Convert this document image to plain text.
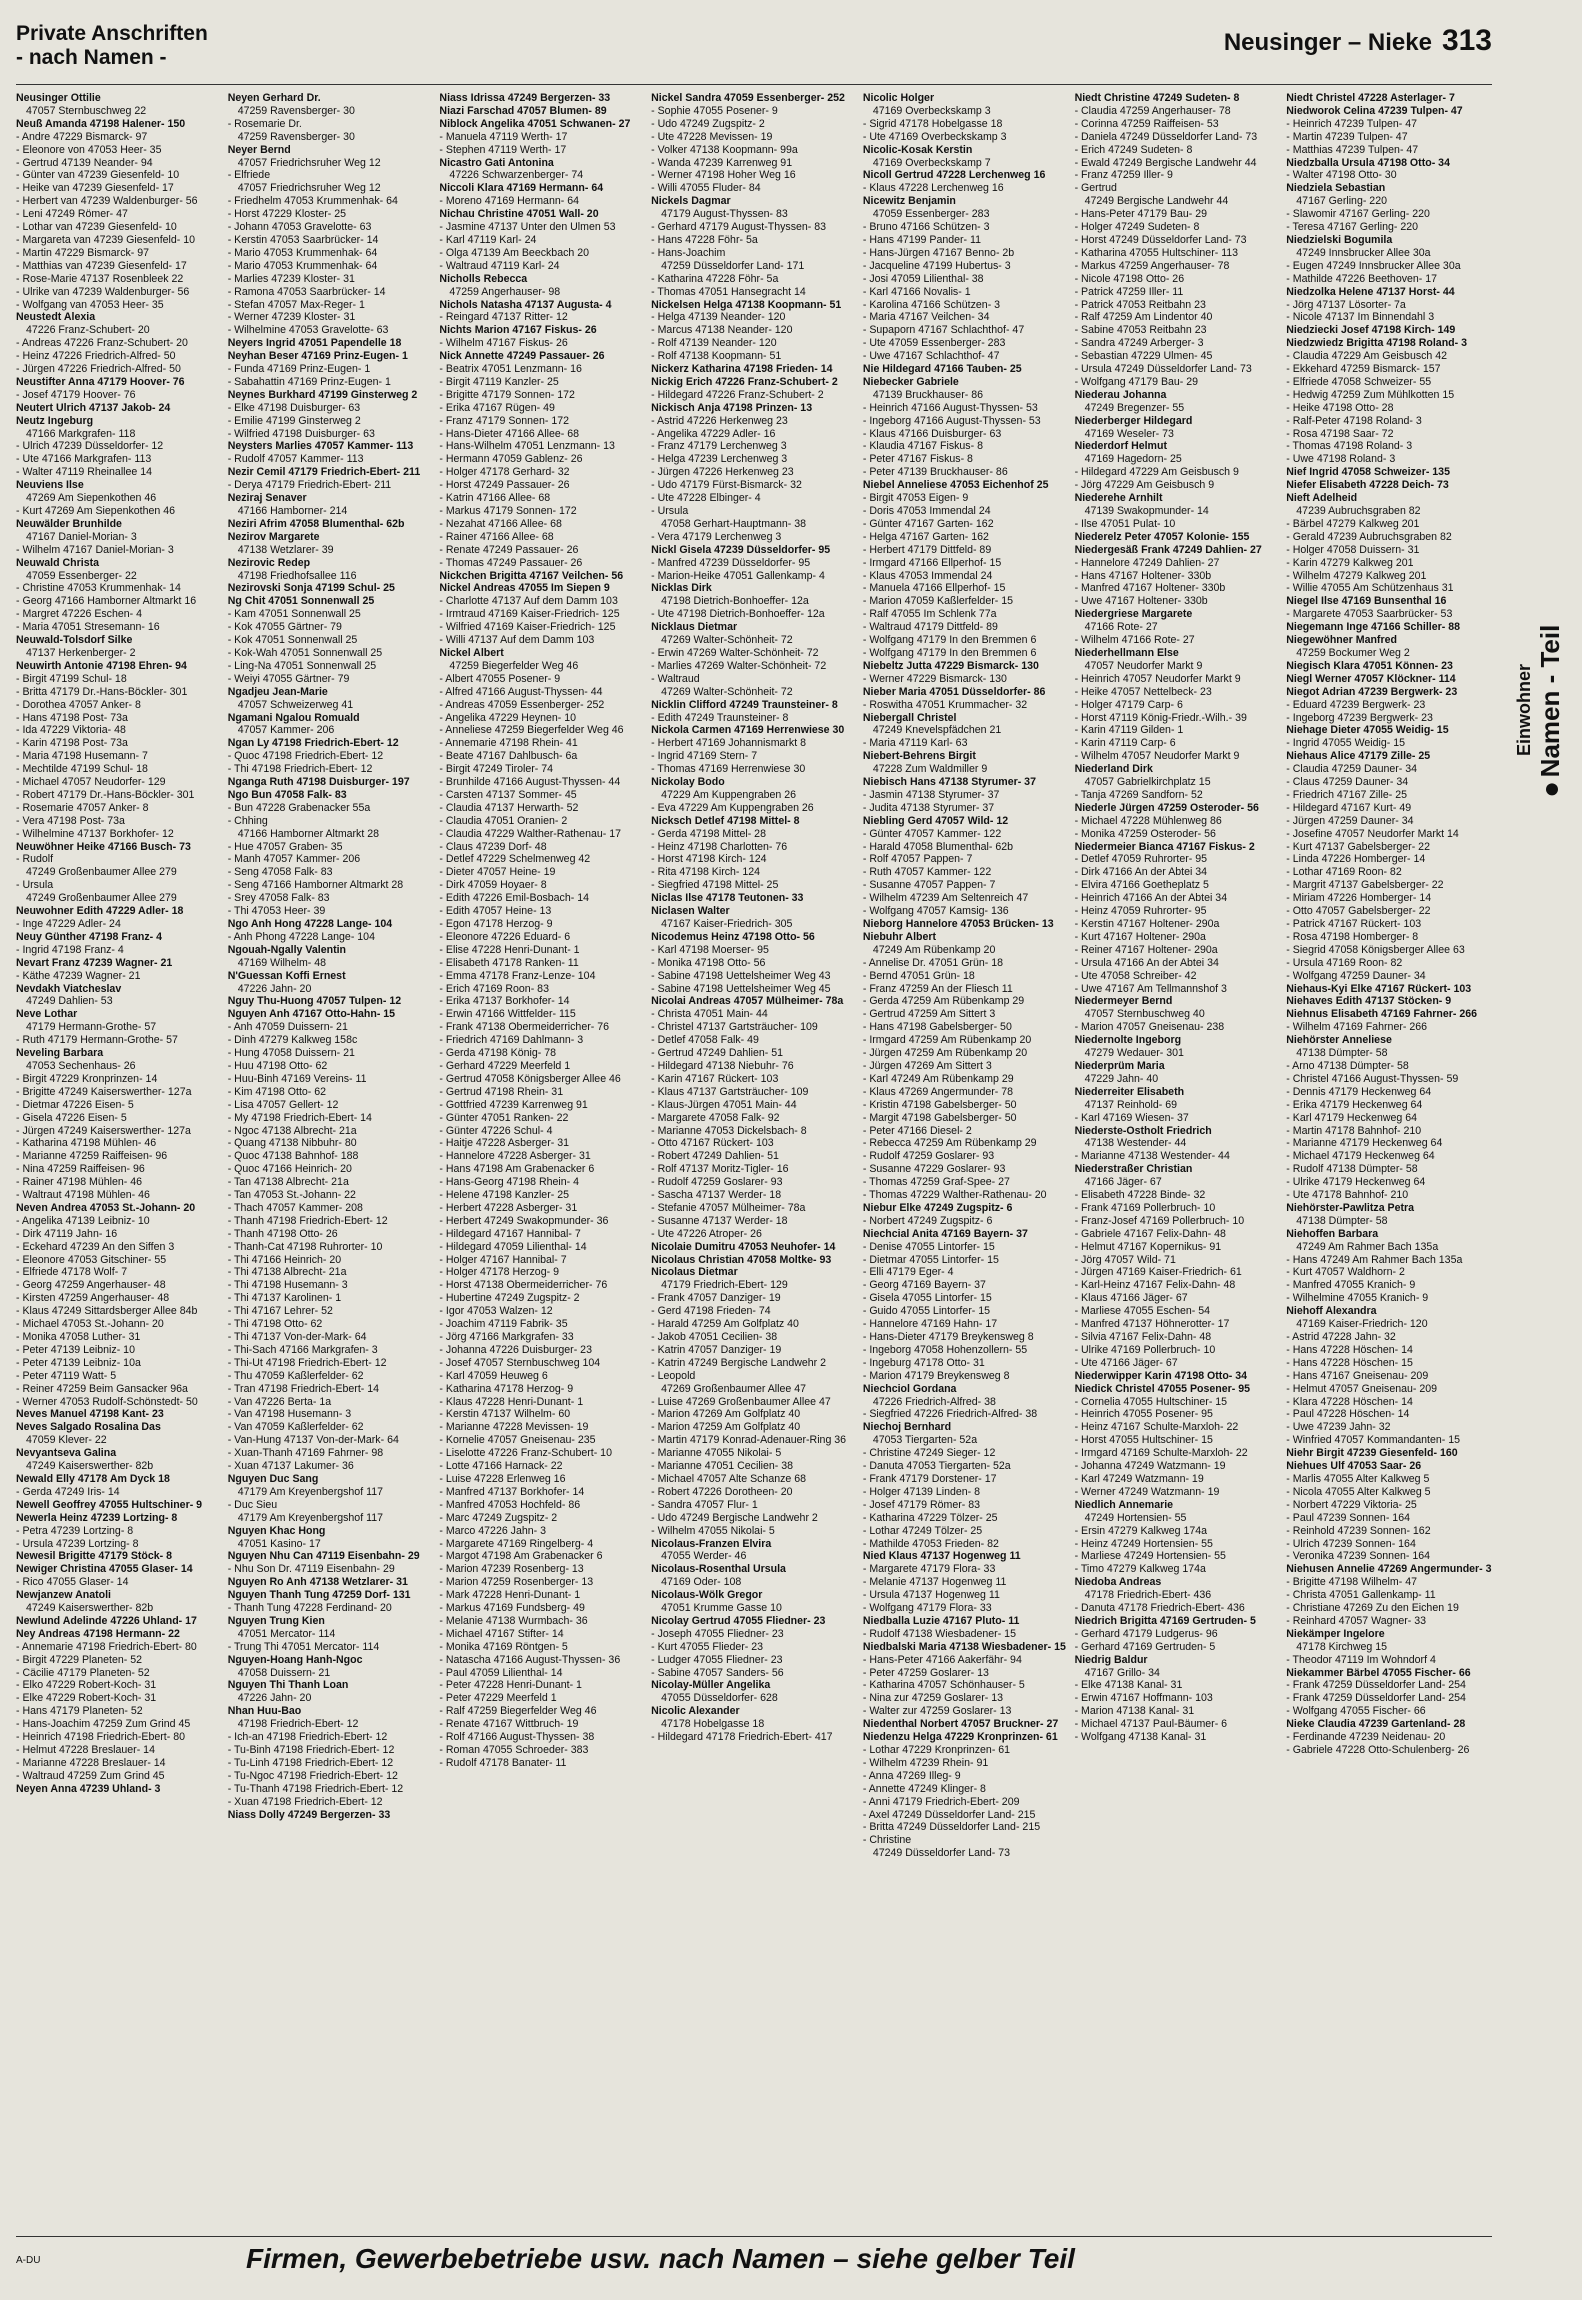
Private Anschriften
- nach Namen -
Neusinger – Nieke 313
Neusinger Ottilie
47057 Sternbuschweg 22
Neuß Amanda 47198 Halener- 150
- Andre 47229 Bismarck- 97
- Eleonore von 47053 Heer- 35
- Gertrud 47139 Neander- 94
- Günter van 47239 Giesenfeld- 10
- Heike van 47239 Giesenfeld- 17
- Herbert van 47239 Waldenburger- 56
- Leni 47249 Römer- 47
- Lothar van 47239 Giesenfeld- 10
- Margareta van 47239 Giesenfeld- 10
- Martin 47229 Bismarck- 97
- Matthias van 47239 Giesenfeld- 17
- Rose-Marie 47137 Rosenbleek 22
- Ulrike van 47239 Waldenburger- 56
- Wolfgang van 47053 Heer- 35
Neustedt Alexia
47226 Franz-Schubert- 20
- Andreas 47226 Franz-Schubert- 20
- Heinz 47226 Friedrich-Alfred- 50
- Jürgen 47226 Friedrich-Alfred- 50
Neustifter Anna 47179 Hoover- 76
- Josef 47179 Hoover- 76
Neutert Ulrich 47137 Jakob- 24
Neutz Ingeburg
47166 Markgrafen- 118
- Ulrich 47239 Düsseldorfer- 12
- Ute 47166 Markgrafen- 113
- Walter 47119 Rheinallee 14
Neuviens Ilse
47269 Am Siepenkothen 46
- Kurt 47269 Am Siepenkothen 46
Neuwälder Brunhilde
47167 Daniel-Morian- 3
- Wilhelm 47167 Daniel-Morian- 3
Neuwald Christa
47059 Essenberger- 22
- Christine 47053 Krummenhak- 14
- Georg 47166 Hamborner Altmarkt 16
- Margret 47226 Eschen- 4
- Maria 47051 Stresemann- 16
Neuwald-Tolsdorf Silke
47137 Herkenberger- 2
Neuwirth Antonie 47198 Ehren- 94
- Birgit 47199 Schul- 18
- Britta 47179 Dr.-Hans-Böckler- 301
- Dorothea 47057 Anker- 8
- Hans 47198 Post- 73a
- Ida 47229 Viktoria- 48
- Karin 47198 Post- 73a
- Maria 47198 Husemann- 7
- Mechtilde 47199 Schul- 18
- Michael 47057 Neudorfer- 129
- Robert 47179 Dr.-Hans-Böckler- 301
- Rosemarie 47057 Anker- 8
- Vera 47198 Post- 73a
- Wilhelmine 47137 Borkhofer- 12
Neuwöhner Heike 47166 Busch- 73
- Rudolf
47249 Großenbaumer Allee 279
- Ursula
47249 Großenbaumer Allee 279
Neuwohner Edith 47229 Adler- 18
- Inge 47229 Adler- 24
Neuy Günther 47198 Franz- 4
- Ingrid 47198 Franz- 4
Nevart Franz 47239 Wagner- 21
- Käthe 47239 Wagner- 21
Nevdakh Viatcheslav
47249 Dahlien- 53
Neve Lothar
47179 Hermann-Grothe- 57
- Ruth 47179 Hermann-Grothe- 57
Neveling Barbara
47053 Sechenhaus- 26
- Birgit 47229 Kronprinzen- 14
- Brigitte 47249 Kaiserswerther- 127a
- Dietmar 47226 Eisen- 5
- Gisela 47226 Eisen- 5
- Jürgen 47249 Kaiserswerther- 127a
- Katharina 47198 Mühlen- 46
- Marianne 47259 Raiffeisen- 96
- Nina 47259 Raiffeisen- 96
- Rainer 47198 Mühlen- 46
- Waltraut 47198 Mühlen- 46
Neven Andrea 47053 St.-Johann- 20
- Angelika 47139 Leibniz- 10
- Dirk 47119 Jahn- 16
- Eckehard 47239 An den Siffen 3
- Eleonore 47053 Gitschiner- 55
- Elfriede 47178 Wolf- 7
- Georg 47259 Angerhauser- 48
- Kirsten 47259 Angerhauser- 48
- Klaus 47249 Sittardsberger Allee 84b
- Michael 47053 St.-Johann- 20
- Monika 47058 Luther- 31
- Peter 47139 Leibniz- 10
- Peter 47139 Leibniz- 10a
- Peter 47119 Watt- 5
- Reiner 47259 Beim Gansacker 96a
- Werner 47053 Rudolf-Schönstedt- 50
Neves Manuel 47198 Kant- 23
Neves Salgado Rosalina Das
47059 Klever- 22
Nevyantseva Galina
47249 Kaiserswerther- 82b
Newald Elly 47178 Am Dyck 18
- Gerda 47249 Iris- 14
Newell Geoffrey 47055 Hultschiner- 9
Newerla Heinz 47239 Lortzing- 8
- Petra 47239 Lortzing- 8
- Ursula 47239 Lortzing- 8
Newesil Brigitte 47179 Stöck- 8
Newiger Christina 47055 Glaser- 14
- Rico 47055 Glaser- 14
Newjanzew Anatoli
47249 Kaiserswerther- 82b
Newlund Adelinde 47226 Uhland- 17
Ney Andreas 47198 Hermann- 22
- Annemarie 47198 Friedrich-Ebert- 80
- Birgit 47229 Planeten- 52
- Cäcilie 47179 Planeten- 52
- Elko 47229 Robert-Koch- 31
- Elke 47229 Robert-Koch- 31
- Hans 47179 Planeten- 52
- Hans-Joachim 47259 Zum Grind 45
- Heinrich 47198 Friedrich-Ebert- 80
- Helmut 47228 Breslauer- 14
- Marianne 47228 Breslauer- 14
- Waltraud 47259 Zum Grind 45
Neyen Anna 47239 Uhland- 3
Neyen Gerhard Dr.
47259 Ravensberger- 30
- Rosemarie Dr.
47259 Ravensberger- 30
Neyer Bernd
47057 Friedrichsruher Weg 12
- Elfriede
47057 Friedrichsruher Weg 12
- Friedhelm 47053 Krummenhak- 64
- Horst 47229 Kloster- 25
- Johann 47053 Gravelotte- 63
- Kerstin 47053 Saarbrücker- 14
- Mario 47053 Krummenhak- 64
- Mario 47053 Krummenhak- 64
- Marlies 47239 Kloster- 31
- Ramona 47053 Saarbrücker- 14
- Stefan 47057 Max-Reger- 1
- Werner 47239 Kloster- 31
- Wilhelmine 47053 Gravelotte- 63
Neyers Ingrid 47051 Papendelle 18
Neyhan Beser 47169 Prinz-Eugen- 1
- Funda 47169 Prinz-Eugen- 1
- Sabahattin 47169 Prinz-Eugen- 1
Neynes Burkhard 47199 Ginsterweg 2
- Elke 47198 Duisburger- 63
- Emilie 47199 Ginsterweg 2
- Wilfried 47198 Duisburger- 63
Neysters Marlies 47057 Kammer- 113
- Rudolf 47057 Kammer- 113
Nezir Cemil 47179 Friedrich-Ebert- 211
- Derya 47179 Friedrich-Ebert- 211
Neziraj Senaver
47166 Hamborner- 214
Neziri Afrim 47058 Blumenthal- 62b
Nezirov Margarete
47138 Wetzlarer- 39
Nezirovic Redep
47198 Friedhofsallee 116
Nezirovski Sonja 47199 Schul- 25
Ng Chit 47051 Sonnenwall 25
- Kam 47051 Sonnenwall 25
- Kok 47055 Gärtner- 79
- Kok 47051 Sonnenwall 25
- Kok-Wah 47051 Sonnenwall 25
- Ling-Na 47051 Sonnenwall 25
- Weiyi 47055 Gärtner- 79
Ngadjeu Jean-Marie
47057 Schweizerweg 41
Ngamani Ngalou Romuald
47057 Kammer- 206
Ngan Ly 47198 Friedrich-Ebert- 12
- Quoc 47198 Friedrich-Ebert- 12
- Thi 47198 Friedrich-Ebert- 12
Nganga Ruth 47198 Duisburger- 197
Ngo Bun 47058 Falk- 83
- Bun 47228 Grabenacker 55a
- Chhing
47166 Hamborner Altmarkt 28
- Hue 47057 Graben- 35
- Manh 47057 Kammer- 206
- Seng 47058 Falk- 83
- Seng 47166 Hamborner Altmarkt 28
- Srey 47058 Falk- 83
- Thi 47053 Heer- 39
Ngo Anh Hong 47228 Lange- 104
- Anh Phong 47228 Lange- 104
Ngouah-Ngally Valentin
47169 Wilhelm- 48
N'Guessan Koffi Ernest
47226 Jahn- 20
Nguy Thu-Huong 47057 Tulpen- 12
Nguyen Anh 47167 Otto-Hahn- 15
- Anh 47059 Duissern- 21
- Dinh 47279 Kalkweg 158c
- Hung 47058 Duissern- 21
- Huu 47198 Otto- 62
- Huu-Binh 47169 Vereins- 11
- Kim 47198 Otto- 62
- Lisa 47057 Gellert- 12
- My 47198 Friedrich-Ebert- 14
- Ngoc 47138 Albrecht- 21a
- Quang 47138 Nibbuhr- 80
- Quoc 47138 Bahnhof- 188
- Quoc 47166 Heinrich- 20
- Tan 47138 Albrecht- 21a
- Tan 47053 St.-Johann- 22
- Thach 47057 Kammer- 208
- Thanh 47198 Friedrich-Ebert- 12
- Thanh 47198 Otto- 26
- Thanh-Cat 47198 Ruhrorter- 10
- Thi 47166 Heinrich- 20
- Thi 47138 Albrecht- 21a
- Thi 47198 Husemann- 3
- Thi 47137 Karolinen- 1
- Thi 47167 Lehrer- 52
- Thi 47198 Otto- 62
- Thi 47137 Von-der-Mark- 64
- Thi-Sach 47166 Markgrafen- 3
- Thi-Ut 47198 Friedrich-Ebert- 12
- Thu 47059 Kaßlerfelder- 62
- Tran 47198 Friedrich-Ebert- 14
- Van 47226 Berta- 1a
- Van 47198 Husemann- 3
- Van 47059 Kaßlerfelder- 62
- Van-Hung 47137 Von-der-Mark- 64
- Xuan-Thanh 47169 Fahrner- 98
- Xuan 47137 Lakumer- 36
Nguyen Duc Sang
47179 Am Kreyenbergshof 117
- Duc Sieu
47179 Am Kreyenbergshof 117
Nguyen Khac Hong
47051 Kasino- 17
Nguyen Nhu Can 47119 Eisenbahn- 29
- Nhu Son Dr. 47119 Eisenbahn- 29
Nguyen Ro Anh 47138 Wetzlarer- 31
Nguyen Thanh Tung 47259 Dorf- 131
- Thanh Tung 47228 Ferdinand- 20
Nguyen Trung Kien
47051 Mercator- 114
- Trung Thi 47051 Mercator- 114
Nguyen-Hoang Hanh-Ngoc
47058 Duissern- 21
Nguyen Thi Thanh Loan
47226 Jahn- 20
Nhan Huu-Bao
47198 Friedrich-Ebert- 12
- Ich-an 47198 Friedrich-Ebert- 12
- Tu-Binh 47198 Friedrich-Ebert- 12
- Tu-Linh 47198 Friedrich-Ebert- 12
- Tu-Ngoc 47198 Friedrich-Ebert- 12
- Tu-Thanh 47198 Friedrich-Ebert- 12
- Xuan 47198 Friedrich-Ebert- 12
Niass Dolly 47249 Bergerzen- 33
Niass Idrissa 47249 Bergerzen- 33
Niazi Farschad 47057 Blumen- 89
Niblock Angelika 47051 Schwanen- 27
- Manuela 47119 Werth- 17
- Stephen 47119 Werth- 17
Nicastro Gati Antonina
47226 Schwarzenberger- 74
Niccoli Klara 47169 Hermann- 64
- Moreno 47169 Hermann- 64
Nichau Christine 47051 Wall- 20
- Jasmine 47137 Unter den Ulmen 53
- Karl 47119 Karl- 24
- Olga 47139 Am Beeckbach 20
- Waltraud 47119 Karl- 24
Nicholls Rebecca
47259 Angerhauser- 98
Nichols Natasha 47137 Augusta- 4
- Reingard 47137 Ritter- 12
Nichts Marion 47167 Fiskus- 26
- Wilhelm 47167 Fiskus- 26
Nick Annette 47249 Passauer- 26
- Beatrix 47051 Lenzmann- 16
- Birgit 47119 Kanzler- 25
- Brigitte 47179 Sonnen- 172
- Erika 47167 Rügen- 49
- Franz 47179 Sonnen- 172
- Hans-Dieter 47166 Allee- 68
- Hans-Wilhelm 47051 Lenzmann- 13
- Hermann 47059 Gablenz- 26
- Holger 47178 Gerhard- 32
- Horst 47249 Passauer- 26
- Katrin 47166 Allee- 68
- Markus 47179 Sonnen- 172
- Nezahat 47166 Allee- 68
- Rainer 47166 Allee- 68
- Renate 47249 Passauer- 26
- Thomas 47249 Passauer- 26
Nickchen Brigitta 47167 Veilchen- 56
Nickel Andreas 47055 Im Siepen 9
- Charlotte 47137 Auf dem Damm 103
- Irmtraud 47169 Kaiser-Friedrich- 125
- Wilfried 47169 Kaiser-Friedrich- 125
- Willi 47137 Auf dem Damm 103
Nickel Albert
47259 Biegerfelder Weg 46
- Albert 47055 Posener- 9
- Alfred 47166 August-Thyssen- 44
- Andreas 47059 Essenberger- 252
- Angelika 47229 Heynen- 10
- Anneliese 47259 Biegerfelder Weg 46
- Annemarie 47198 Rhein- 41
- Beate 47167 Dahlbusch- 6a
- Birgit 47249 Tiroler- 74
- Brunhilde 47166 August-Thyssen- 44
- Carsten 47137 Sommer- 45
- Claudia 47137 Herwarth- 52
- Claudia 47051 Oranien- 2
- Claudia 47229 Walther-Rathenau- 17
- Claus 47239 Dorf- 48
- Detlef 47229 Schelmenweg 42
- Dieter 47057 Heine- 19
- Dirk 47059 Hoyaer- 8
- Edith 47226 Emil-Bosbach- 14
- Edith 47057 Heine- 13
- Egon 47178 Herzog- 9
- Eleonore 47226 Eduard- 6
- Elise 47228 Henri-Dunant- 1
- Elisabeth 47178 Ranken- 11
- Emma 47178 Franz-Lenze- 104
- Erich 47169 Roon- 83
- Erika 47137 Borkhofer- 14
- Erwin 47166 Wittfelder- 115
- Frank 47138 Obermeiderricher- 76
- Friedrich 47169 Dahlmann- 3
- Gerda 47198 König- 78
- Gerhard 47229 Meerfeld 1
- Gertrud 47058 Königsberger Allee 46
- Gertrud 47198 Rhein- 31
- Gottfried 47239 Karrenweg 91
- Günter 47051 Ranken- 22
- Günter 47226 Schul- 4
- Haitje 47228 Asberger- 31
- Hannelore 47228 Asberger- 31
- Hans 47198 Am Grabenacker 6
- Hans-Georg 47198 Rhein- 4
- Helene 47198 Kanzler- 25
- Herbert 47228 Asberger- 31
- Herbert 47249 Swakopmunder- 36
- Hildegard 47167 Hannibal- 7
- Hildegard 47059 Lilienthal- 14
- Holger 47167 Hannibal- 7
- Holger 47178 Herzog- 9
- Horst 47138 Obermeiderricher- 76
- Hubertine 47249 Zugspitz- 2
- Igor 47053 Walzen- 12
- Joachim 47119 Fabrik- 35
- Jörg 47166 Markgrafen- 33
- Johanna 47226 Duisburger- 23
- Josef 47057 Sternbuschweg 104
- Karl 47059 Heuweg 6
- Katharina 47178 Herzog- 9
- Klaus 47228 Henri-Dunant- 1
- Kerstin 47137 Wilhelm- 60
- Marianne 47228 Mevissen- 19
- Kornelie 47057 Gneisenau- 235
- Liselotte 47226 Franz-Schubert- 10
- Lotte 47166 Harnack- 22
- Luise 47228 Erlenweg 16
- Manfred 47137 Borkhofer- 14
- Manfred 47053 Hochfeld- 86
- Marc 47249 Zugspitz- 2
- Marco 47226 Jahn- 3
- Margarete 47169 Ringelberg- 4
- Margot 47198 Am Grabenacker 6
- Marion 47239 Rosenberg- 13
- Marion 47259 Rosenberger- 13
- Mark 47228 Henri-Dunant- 1
- Markus 47169 Fundsberg- 49
- Melanie 47138 Wurmbach- 36
- Michael 47167 Stifter- 14
- Monika 47169 Röntgen- 5
- Natascha 47166 August-Thyssen- 36
- Paul 47059 Lilienthal- 14
- Peter 47228 Henri-Dunant- 1
- Peter 47229 Meerfeld 1
- Ralf 47259 Biegerfelder Weg 46
- Renate 47167 Wittbruch- 19
- Rolf 47166 August-Thyssen- 38
- Roman 47055 Schroeder- 383
- Rudolf 47178 Banater- 11
Nickel Sandra 47059 Essenberger- 252
- Sophie 47055 Posener- 9
- Udo 47249 Zugspitz- 2
- Ute 47228 Mevissen- 19
- Volker 47138 Koopmann- 99a
- Wanda 47239 Karrenweg 91
- Werner 47198 Hoher Weg 16
- Willi 47055 Fluder- 84
Nickels Dagmar
47179 August-Thyssen- 83
- Gerhard 47179 August-Thyssen- 83
- Hans 47228 Föhr- 5a
- Hans-Joachim
47259 Düsseldorfer Land- 171
- Katharina 47228 Föhr- 5a
- Thomas 47051 Hansegracht 14
Nickelsen Helga 47138 Koopmann- 51
- Helga 47139 Neander- 120
- Marcus 47138 Neander- 120
- Rolf 47139 Neander- 120
- Rolf 47138 Koopmann- 51
Nickerz Katharina 47198 Frieden- 14
Nickig Erich 47226 Franz-Schubert- 2
- Hildegard 47226 Franz-Schubert- 2
Nickisch Anja 47198 Prinzen- 13
- Astrid 47226 Herkenweg 23
- Angelika 47229 Adler- 16
- Franz 47179 Lerchenweg 3
- Helga 47239 Lerchenweg 3
- Jürgen 47226 Herkenweg 23
- Udo 47179 Fürst-Bismarck- 32
- Ute 47228 Elbinger- 4
- Ursula
47058 Gerhart-Hauptmann- 38
- Vera 47179 Lerchenweg 3
Nickl Gisela 47239 Düsseldorfer- 95
- Manfred 47239 Düsseldorfer- 95
- Marion-Heike 47051 Gallenkamp- 4
Nicklas Dirk
47198 Dietrich-Bonhoeffer- 12a
- Ute 47198 Dietrich-Bonhoeffer- 12a
Nicklaus Dietmar
47269 Walter-Schönheit- 72
- Erwin 47269 Walter-Schönheit- 72
- Marlies 47269 Walter-Schönheit- 72
- Waltraud
47269 Walter-Schönheit- 72
Nicklin Clifford 47249 Traunsteiner- 8
- Edith 47249 Traunsteiner- 8
Nickola Carmen 47169 Herrenwiese 30
- Herbert 47169 Johannismarkt 8
- Ingrid 47169 Stern- 7
- Thomas 47169 Herrenwiese 30
Nickolay Bodo
47229 Am Kuppengraben 26
- Eva 47229 Am Kuppengraben 26
Nicksch Detlef 47198 Mittel- 8
- Gerda 47198 Mittel- 28
- Heinz 47198 Charlotten- 76
- Horst 47198 Kirch- 124
- Rita 47198 Kirch- 124
- Siegfried 47198 Mittel- 25
Niclas Ilse 47178 Teutonen- 33
Niclasen Walter
47167 Kaiser-Friedrich- 305
Nicodemus Heinz 47198 Otto- 56
- Karl 47198 Moerser- 95
- Monika 47198 Otto- 56
- Sabine 47198 Uettelsheimer Weg 43
- Sabine 47198 Uettelsheimer Weg 45
Nicolai Andreas 47057 Mülheimer- 78a
- Christa 47051 Main- 44
- Christel 47137 Gartsträucher- 109
- Detlef 47058 Falk- 49
- Gertrud 47249 Dahlien- 51
- Hildegard 47138 Niebuhr- 76
- Karin 47167 Rückert- 103
- Klaus 47137 Gartsträucher- 109
- Klaus-Jürgen 47051 Main- 44
- Margarete 47058 Falk- 92
- Marianne 47053 Dickelsbach- 8
- Otto 47167 Rückert- 103
- Robert 47249 Dahlien- 51
- Rolf 47137 Moritz-Tigler- 16
- Rudolf 47259 Goslarer- 93
- Sascha 47137 Werder- 18
- Stefanie 47057 Mülheimer- 78a
- Susanne 47137 Werder- 18
- Ute 47226 Atroper- 26
Nicolaie Dumitru 47053 Neuhofer- 14
Nicolaus Christian 47058 Moltke- 93
Nicolaus Dietmar
47179 Friedrich-Ebert- 129
- Frank 47057 Danziger- 19
- Gerd 47198 Frieden- 74
- Harald 47259 Am Golfplatz 40
- Jakob 47051 Cecilien- 38
- Katrin 47057 Danziger- 19
- Katrin 47249 Bergische Landwehr 2
- Leopold
47269 Großenbaumer Allee 47
- Luise 47269 Großenbaumer Allee 47
- Marion 47269 Am Golfplatz 40
- Marion 47259 Am Golfplatz 40
- Martin 47179 Konrad-Adenauer-Ring 36
- Marianne 47055 Nikolai- 5
- Marianne 47051 Cecilien- 38
- Michael 47057 Alte Schanze 68
- Robert 47226 Dorotheen- 20
- Sandra 47057 Flur- 1
- Udo 47249 Bergische Landwehr 2
- Wilhelm 47055 Nikolai- 5
Nicolaus-Franzen Elvira
47055 Werder- 46
Nicolaus-Rosenthal Ursula
47169 Oder- 108
Nicolaus-Wölk Gregor
47051 Krumme Gasse 10
Nicolay Gertrud 47055 Fliedner- 23
- Joseph 47055 Fliedner- 23
- Kurt 47055 Flieder- 23
- Ludger 47055 Fliedner- 23
- Sabine 47057 Sanders- 56
Nicolay-Müller Angelika
47055 Düsseldorfer- 628
Nicolic Alexander
47178 Hobelgasse 18
- Hildegard 47178 Friedrich-Ebert- 417
Nicolic Holger
47169 Overbeckskamp 3
- Sigrid 47178 Hobelgasse 18
- Ute 47169 Overbeckskamp 3
Nicolic-Kosak Kerstin
47169 Overbeckskamp 7
Nicoll Gertrud 47228 Lerchenweg 16
- Klaus 47228 Lerchenweg 16
Nicewitz Benjamin
47059 Essenberger- 283
- Bruno 47166 Schützen- 3
- Hans 47199 Pander- 11
- Hans-Jürgen 47167 Benno- 2b
- Jacqueline 47199 Hubertus- 3
- Josi 47059 Lilienthal- 38
- Karl 47166 Novalis- 1
- Karolina 47166 Schützen- 3
- Maria 47167 Veilchen- 34
- Supaporn 47167 Schlachthof- 47
- Ute 47059 Essenberger- 283
- Uwe 47167 Schlachthof- 47
Nie Hildegard 47166 Tauben- 25
Niebecker Gabriele
47139 Bruckhauser- 86
- Heinrich 47166 August-Thyssen- 53
- Ingeborg 47166 August-Thyssen- 53
- Klaus 47166 Duisburger- 63
- Klaudia 47167 Fiskus- 8
- Peter 47167 Fiskus- 8
- Peter 47139 Bruckhauser- 86
Niebel Anneliese 47053 Eichenhof 25
- Birgit 47053 Eigen- 9
- Doris 47053 Immendal 24
- Günter 47167 Garten- 162
- Helga 47167 Garten- 162
- Herbert 47179 Dittfeld- 89
- Irmgard 47166 Ellperhof- 15
- Klaus 47053 Immendal 24
- Manuela 47166 Ellperhof- 15
- Marion 47059 Kaßlerfelder- 15
- Ralf 47055 Im Schlenk 77a
- Waltraud 47179 Dittfeld- 89
- Wolfgang 47179 In den Bremmen 6
- Wolfgang 47179 In den Bremmen 6
Niebeltz Jutta 47229 Bismarck- 130
- Werner 47229 Bismarck- 130
Nieber Maria 47051 Düsseldorfer- 86
- Roswitha 47051 Krummacher- 32
Niebergall Christel
47249 Knevelspfädchen 21
- Maria 47119 Karl- 63
Niebert-Behrens Birgit
47228 Zum Waldmiller 9
Niebisch Hans 47138 Styrumer- 37
- Jasmin 47138 Styrumer- 37
- Judita 47138 Styrumer- 37
Niebling Gerd 47057 Wild- 12
- Günter 47057 Kammer- 122
- Harald 47058 Blumenthal- 62b
- Rolf 47057 Pappen- 7
- Ruth 47057 Kammer- 122
- Susanne 47057 Pappen- 7
- Wilhelm 47239 Am Seltenreich 47
- Wolfgang 47057 Kamsig- 136
Nieborg Hannelore 47053 Brücken- 13
Niebuhr Albert
47249 Am Rübenkamp 20
- Annelise Dr. 47051 Grün- 18
- Bernd 47051 Grün- 18
- Franz 47259 An der Fliesch 11
- Gerda 47259 Am Rübenkamp 29
- Gertrud 47259 Am Sittert 3
- Hans 47198 Gabelsberger- 50
- Irmgard 47259 Am Rübenkamp 20
- Jürgen 47259 Am Rübenkamp 20
- Jürgen 47269 Am Sittert 3
- Karl 47249 Am Rübenkamp 29
- Klaus 47269 Angermunder- 78
- Kristin 47198 Gabelsberger- 50
- Margit 47198 Gabelsberger- 50
- Peter 47166 Diesel- 2
- Rebecca 47259 Am Rübenkamp 29
- Rudolf 47259 Goslarer- 93
- Susanne 47229 Goslarer- 93
- Thomas 47259 Graf-Spee- 27
- Thomas 47229 Walther-Rathenau- 20
Niebur Elke 47249 Zugspitz- 6
- Norbert 47249 Zugspitz- 6
Niechcial Anita 47169 Bayern- 37
- Denise 47055 Lintorfer- 15
- Dietmar 47055 Lintorfer- 15
- Elli 47179 Eger- 4
- Georg 47169 Bayern- 37
- Gisela 47055 Lintorfer- 15
- Guido 47055 Lintorfer- 15
- Hannelore 47169 Hahn- 17
- Hans-Dieter 47179 Breykensweg 8
- Ingeborg 47058 Hohenzollern- 55
- Ingeburg 47178 Otto- 31
- Marion 47179 Breykensweg 8
Niechciol Gordana
47226 Friedrich-Alfred- 38
- Siegfried 47226 Friedrich-Alfred- 38
Niechoj Bernhard
47053 Tiergarten- 52a
- Christine 47249 Sieger- 12
- Danuta 47053 Tiergarten- 52a
- Frank 47179 Dorstener- 17
- Holger 47139 Linden- 8
- Josef 47179 Römer- 83
- Katharina 47229 Tölzer- 25
- Lothar 47249 Tölzer- 25
- Mathilde 47053 Frieden- 82
Nied Klaus 47137 Hogenweg 11
- Margarete 47179 Flora- 33
- Melanie 47137 Hogenweg 11
- Ursula 47137 Hogenweg 11
- Wolfgang 47179 Flora- 33
Niedballa Luzie 47167 Pluto- 11
- Rudolf 47138 Wiesbadener- 15
Niedbalski Maria 47138 Wiesbadener- 15
- Hans-Peter 47166 Aakerfähr- 94
- Peter 47259 Goslarer- 13
- Katharina 47057 Schönhauser- 5
- Nina zur 47259 Goslarer- 13
- Walter zur 47259 Goslarer- 13
Niedenthal Norbert 47057 Bruckner- 27
Niedenzu Helga 47229 Kronprinzen- 61
- Lothar 47229 Kronprinzen- 61
- Wilhelm 47239 Rhein- 91
- Anna 47269 Illeg- 9
- Annette 47249 Klinger- 8
- Anni 47179 Friedrich-Ebert- 209
- Axel 47249 Düsseldorfer Land- 215
- Britta 47249 Düsseldorfer Land- 215
- Christine
47249 Düsseldorfer Land- 73
Niedt Christine 47249 Sudeten- 8
- Claudia 47259 Angerhauser- 78
- Corinna 47259 Raiffeisen- 53
- Daniela 47249 Düsseldorfer Land- 73
- Erich 47249 Sudeten- 8
- Ewald 47249 Bergische Landwehr 44
- Franz 47259 Iller- 9
- Gertrud
47249 Bergische Landwehr 44
- Hans-Peter 47179 Bau- 29
- Holger 47249 Sudeten- 8
- Horst 47249 Düsseldorfer Land- 73
- Katharina 47055 Hultschiner- 113
- Markus 47259 Angerhauser- 78
- Nicole 47198 Otto- 26
- Patrick 47259 Iller- 11
- Patrick 47053 Reitbahn 23
- Ralf 47259 Am Lindentor 40
- Sabine 47053 Reitbahn 23
- Sandra 47249 Arberger- 3
- Sebastian 47229 Ulmen- 45
- Ursula 47249 Düsseldorfer Land- 73
- Wolfgang 47179 Bau- 29
Niederau Johanna
47249 Bregenzer- 55
Niederberger Hildegard
47169 Weseler- 73
Niederdorf Helmut
47169 Hagedorn- 25
- Hildegard 47229 Am Geisbusch 9
- Jörg 47229 Am Geisbusch 9
Niederehe Arnhilt
47139 Swakopmunder- 14
- Ilse 47051 Pulat- 10
Niederelz Peter 47057 Kolonie- 155
Niedergesäß Frank 47249 Dahlien- 27
- Hannelore 47249 Dahlien- 27
- Hans 47167 Holtener- 330b
- Manfred 47167 Holtener- 330b
- Uwe 47167 Holtener- 330b
Niedergriese Margarete
47166 Rote- 27
- Wilhelm 47166 Rote- 27
Niederhellmann Else
47057 Neudorfer Markt 9
- Heinrich 47057 Neudorfer Markt 9
- Heike 47057 Nettelbeck- 23
- Holger 47179 Carp- 6
- Horst 47119 König-Friedr.-Wilh.- 39
- Karin 47119 Gilden- 1
- Karin 47119 Carp- 6
- Wilhelm 47057 Neudorfer Markt 9
Niederland Dirk
47057 Gabrielkirchplatz 15
- Tanja 47269 Sandforn- 52
Niederle Jürgen 47259 Osteroder- 56
- Michael 47228 Mühlenweg 86
- Monika 47259 Osteroder- 56
Niedermeier Bianca 47167 Fiskus- 2
- Detlef 47059 Ruhrorter- 95
- Dirk 47166 An der Abtei 34
- Elvira 47166 Goetheplatz 5
- Heinrich 47166 An der Abtei 34
- Heinz 47059 Ruhrorter- 95
- Kerstin 47167 Holtener- 290a
- Kurt 47167 Holtener- 290a
- Reiner 47167 Holtener- 290a
- Ursula 47166 An der Abtei 34
- Ute 47058 Schreiber- 42
- Uwe 47167 Am Tellmannshof 3
Niedermeyer Bernd
47057 Sternbuschweg 40
- Marion 47057 Gneisenau- 238
Niedernolte Ingeborg
47279 Wedauer- 301
Niederprüm Maria
47229 Jahn- 40
Niederreiter Elisabeth
47137 Reinhold- 69
- Karl 47169 Wiesen- 37
Niederste-Ostholt Friedrich
47138 Westender- 44
- Marianne 47138 Westender- 44
Niederstraßer Christian
47166 Jäger- 67
- Elisabeth 47228 Binde- 32
- Frank 47169 Pollerbruch- 10
- Franz-Josef 47169 Pollerbruch- 10
- Gabriele 47167 Felix-Dahn- 48
- Helmut 47167 Kopernikus- 91
- Jörg 47057 Wild- 71
- Jürgen 47169 Kaiser-Friedrich- 61
- Karl-Heinz 47167 Felix-Dahn- 48
- Klaus 47166 Jäger- 67
- Marliese 47055 Eschen- 54
- Manfred 47137 Höhnerotter- 17
- Silvia 47167 Felix-Dahn- 48
- Ulrike 47169 Pollerbruch- 10
- Ute 47166 Jäger- 67
Niederwipper Karin 47198 Otto- 34
Niedick Christel 47055 Posener- 95
- Cornelia 47055 Hultschiner- 15
- Heinrich 47055 Posener- 95
- Heinz 47167 Schulte-Marxloh- 22
- Horst 47055 Hultschiner- 15
- Irmgard 47169 Schulte-Marxloh- 22
- Johanna 47249 Watzmann- 19
- Karl 47249 Watzmann- 19
- Werner 47249 Watzmann- 19
Niedlich Annemarie
47249 Hortensien- 55
- Ersin 47279 Kalkweg 174a
- Heinz 47249 Hortensien- 55
- Marliese 47249 Hortensien- 55
- Timo 47279 Kalkweg 174a
Niedoba Andreas
47178 Friedrich-Ebert- 436
- Danuta 47178 Friedrich-Ebert- 436
Niedrich Brigitta 47169 Gertruden- 5
- Gerhard 47179 Ludgerus- 96
- Gerhard 47169 Gertruden- 5
Niedrig Baldur
47167 Grillo- 34
- Elke 47138 Kanal- 31
- Erwin 47167 Hoffmann- 103
- Marion 47138 Kanal- 31
- Michael 47137 Paul-Bäumer- 6
- Wolfgang 47138 Kanal- 31
Niedt Christel 47228 Asterlager- 7
Niedworok Celina 47239 Tulpen- 47
- Heinrich 47239 Tulpen- 47
- Martin 47239 Tulpen- 47
- Matthias 47239 Tulpen- 47
Niedzballa Ursula 47198 Otto- 34
- Walter 47198 Otto- 30
Niedziela Sebastian
47167 Gerling- 220
- Slawomir 47167 Gerling- 220
- Teresa 47167 Gerling- 220
Niedzielski Bogumila
47249 Innsbrucker Allee 30a
- Eugen 47249 Innsbrucker Allee 30a
- Mathilde 47226 Beethoven- 17
Niedzolka Helene 47137 Horst- 44
- Jörg 47137 Lösorter- 7a
- Nicole 47137 Im Binnendahl 3
Niedziecki Josef 47198 Kirch- 149
Niedzwiedz Brigitta 47198 Roland- 3
- Claudia 47229 Am Geisbusch 42
- Ekkehard 47259 Bismarck- 157
- Elfriede 47058 Schweizer- 55
- Hedwig 47259 Zum Mühlkotten 15
- Heike 47198 Otto- 28
- Ralf-Peter 47198 Roland- 3
- Rosa 47198 Saar- 72
- Thomas 47198 Roland- 3
- Uwe 47198 Roland- 3
Nief Ingrid 47058 Schweizer- 135
Niefer Elisabeth 47228 Deich- 73
Nieft Adelheid
47239 Aubruchsgraben 82
- Bärbel 47279 Kalkweg 201
- Gerald 47239 Aubruchsgraben 82
- Holger 47058 Duissern- 31
- Karin 47279 Kalkweg 201
- Wilhelm 47279 Kalkweg 201
- Willie 47055 Am Schützenhaus 31
Niegel Ilse 47169 Bunsenthal 16
- Margarete 47053 Saarbrücker- 53
Niegemann Inge 47166 Schiller- 88
Niegewöhner Manfred
47259 Bockumer Weg 2
Niegisch Klara 47051 Können- 23
Niegl Werner 47057 Klöckner- 114
Niegot Adrian 47239 Bergwerk- 23
- Eduard 47239 Bergwerk- 23
- Ingeborg 47239 Bergwerk- 23
Niehage Dieter 47055 Weidig- 15
- Ingrid 47055 Weidig- 15
Niehaus Alice 47179 Zille- 25
- Claudia 47259 Dauner- 34
- Claus 47259 Dauner- 34
- Friedrich 47167 Zille- 25
- Hildegard 47167 Kurt- 49
- Jürgen 47259 Dauner- 34
- Josefine 47057 Neudorfer Markt 14
- Kurt 47137 Gabelsberger- 22
- Linda 47226 Homberger- 14
- Lothar 47169 Roon- 82
- Margrit 47137 Gabelsberger- 22
- Miriam 47226 Homberger- 14
- Otto 47057 Gabelsberger- 22
- Patrick 47167 Rückert- 103
- Rosa 47198 Homberger- 8
- Siegrid 47058 Königsberger Allee 63
- Ursula 47169 Roon- 82
- Wolfgang 47259 Dauner- 34
Niehaus-Kyi Elke 47167 Rückert- 103
Niehaves Edith 47137 Stöcken- 9
Niehnus Elisabeth 47169 Fahrner- 266
- Wilhelm 47169 Fahrner- 266
Niehörster Anneliese
47138 Dümpter- 58
- Arno 47138 Dümpter- 58
- Christel 47166 August-Thyssen- 59
- Dennis 47179 Heckenweg 64
- Erika 47179 Heckenweg 64
- Karl 47179 Heckenweg 64
- Martin 47178 Bahnhof- 210
- Marianne 47179 Heckenweg 64
- Michael 47179 Heckenweg 64
- Rudolf 47138 Dümpter- 58
- Ulrike 47179 Heckenweg 64
- Ute 47178 Bahnhof- 210
Niehörster-Pawlitza Petra
47138 Dümpter- 58
Niehoffen Barbara
47249 Am Rahmer Bach 135a
- Hans 47249 Am Rahmer Bach 135a
- Kurt 47057 Waldhorn- 2
- Manfred 47055 Kranich- 9
- Wilhelmine 47055 Kranich- 9
Niehoff Alexandra
47169 Kaiser-Friedrich- 120
- Astrid 47228 Jahn- 32
- Hans 47228 Höschen- 14
- Hans 47228 Höschen- 15
- Hans 47167 Gneisenau- 209
- Helmut 47057 Gneisenau- 209
- Klara 47228 Höschen- 14
- Paul 47228 Höschen- 14
- Uwe 47239 Jahn- 32
- Winfried 47057 Kommandanten- 15
Niehr Birgit 47239 Giesenfeld- 160
Niehues Ulf 47053 Saar- 26
- Marlis 47055 Alter Kalkweg 5
- Nicola 47055 Alter Kalkweg 5
- Norbert 47229 Viktoria- 25
- Paul 47239 Sonnen- 164
- Reinhold 47239 Sonnen- 162
- Ulrich 47239 Sonnen- 164
- Veronika 47239 Sonnen- 164
Niehusen Annelie 47269 Angermunder- 3
- Brigitte 47198 Wilhelm- 47
- Christa 47051 Gallenkamp- 11
- Christiane 47269 Zu den Eichen 19
- Reinhard 47057 Wagner- 33
Niekämper Ingelore
47178 Kirchweg 15
- Theodor 47119 Im Wohndorf 4
Niekammer Bärbel 47055 Fischer- 66
- Frank 47259 Düsseldorfer Land- 254
- Frank 47259 Düsseldorfer Land- 254
- Wolfgang 47055 Fischer- 66
Nieke Claudia 47239 Gartenland- 28
- Ferdinande 47239 Neidenau- 20
- Gabriele 47228 Otto-Schulenberg- 26
Einwohner Namen - Teil
A-DU	Firmen, Gewerbebetriebe usw. nach Namen – siehe gelber Teil
